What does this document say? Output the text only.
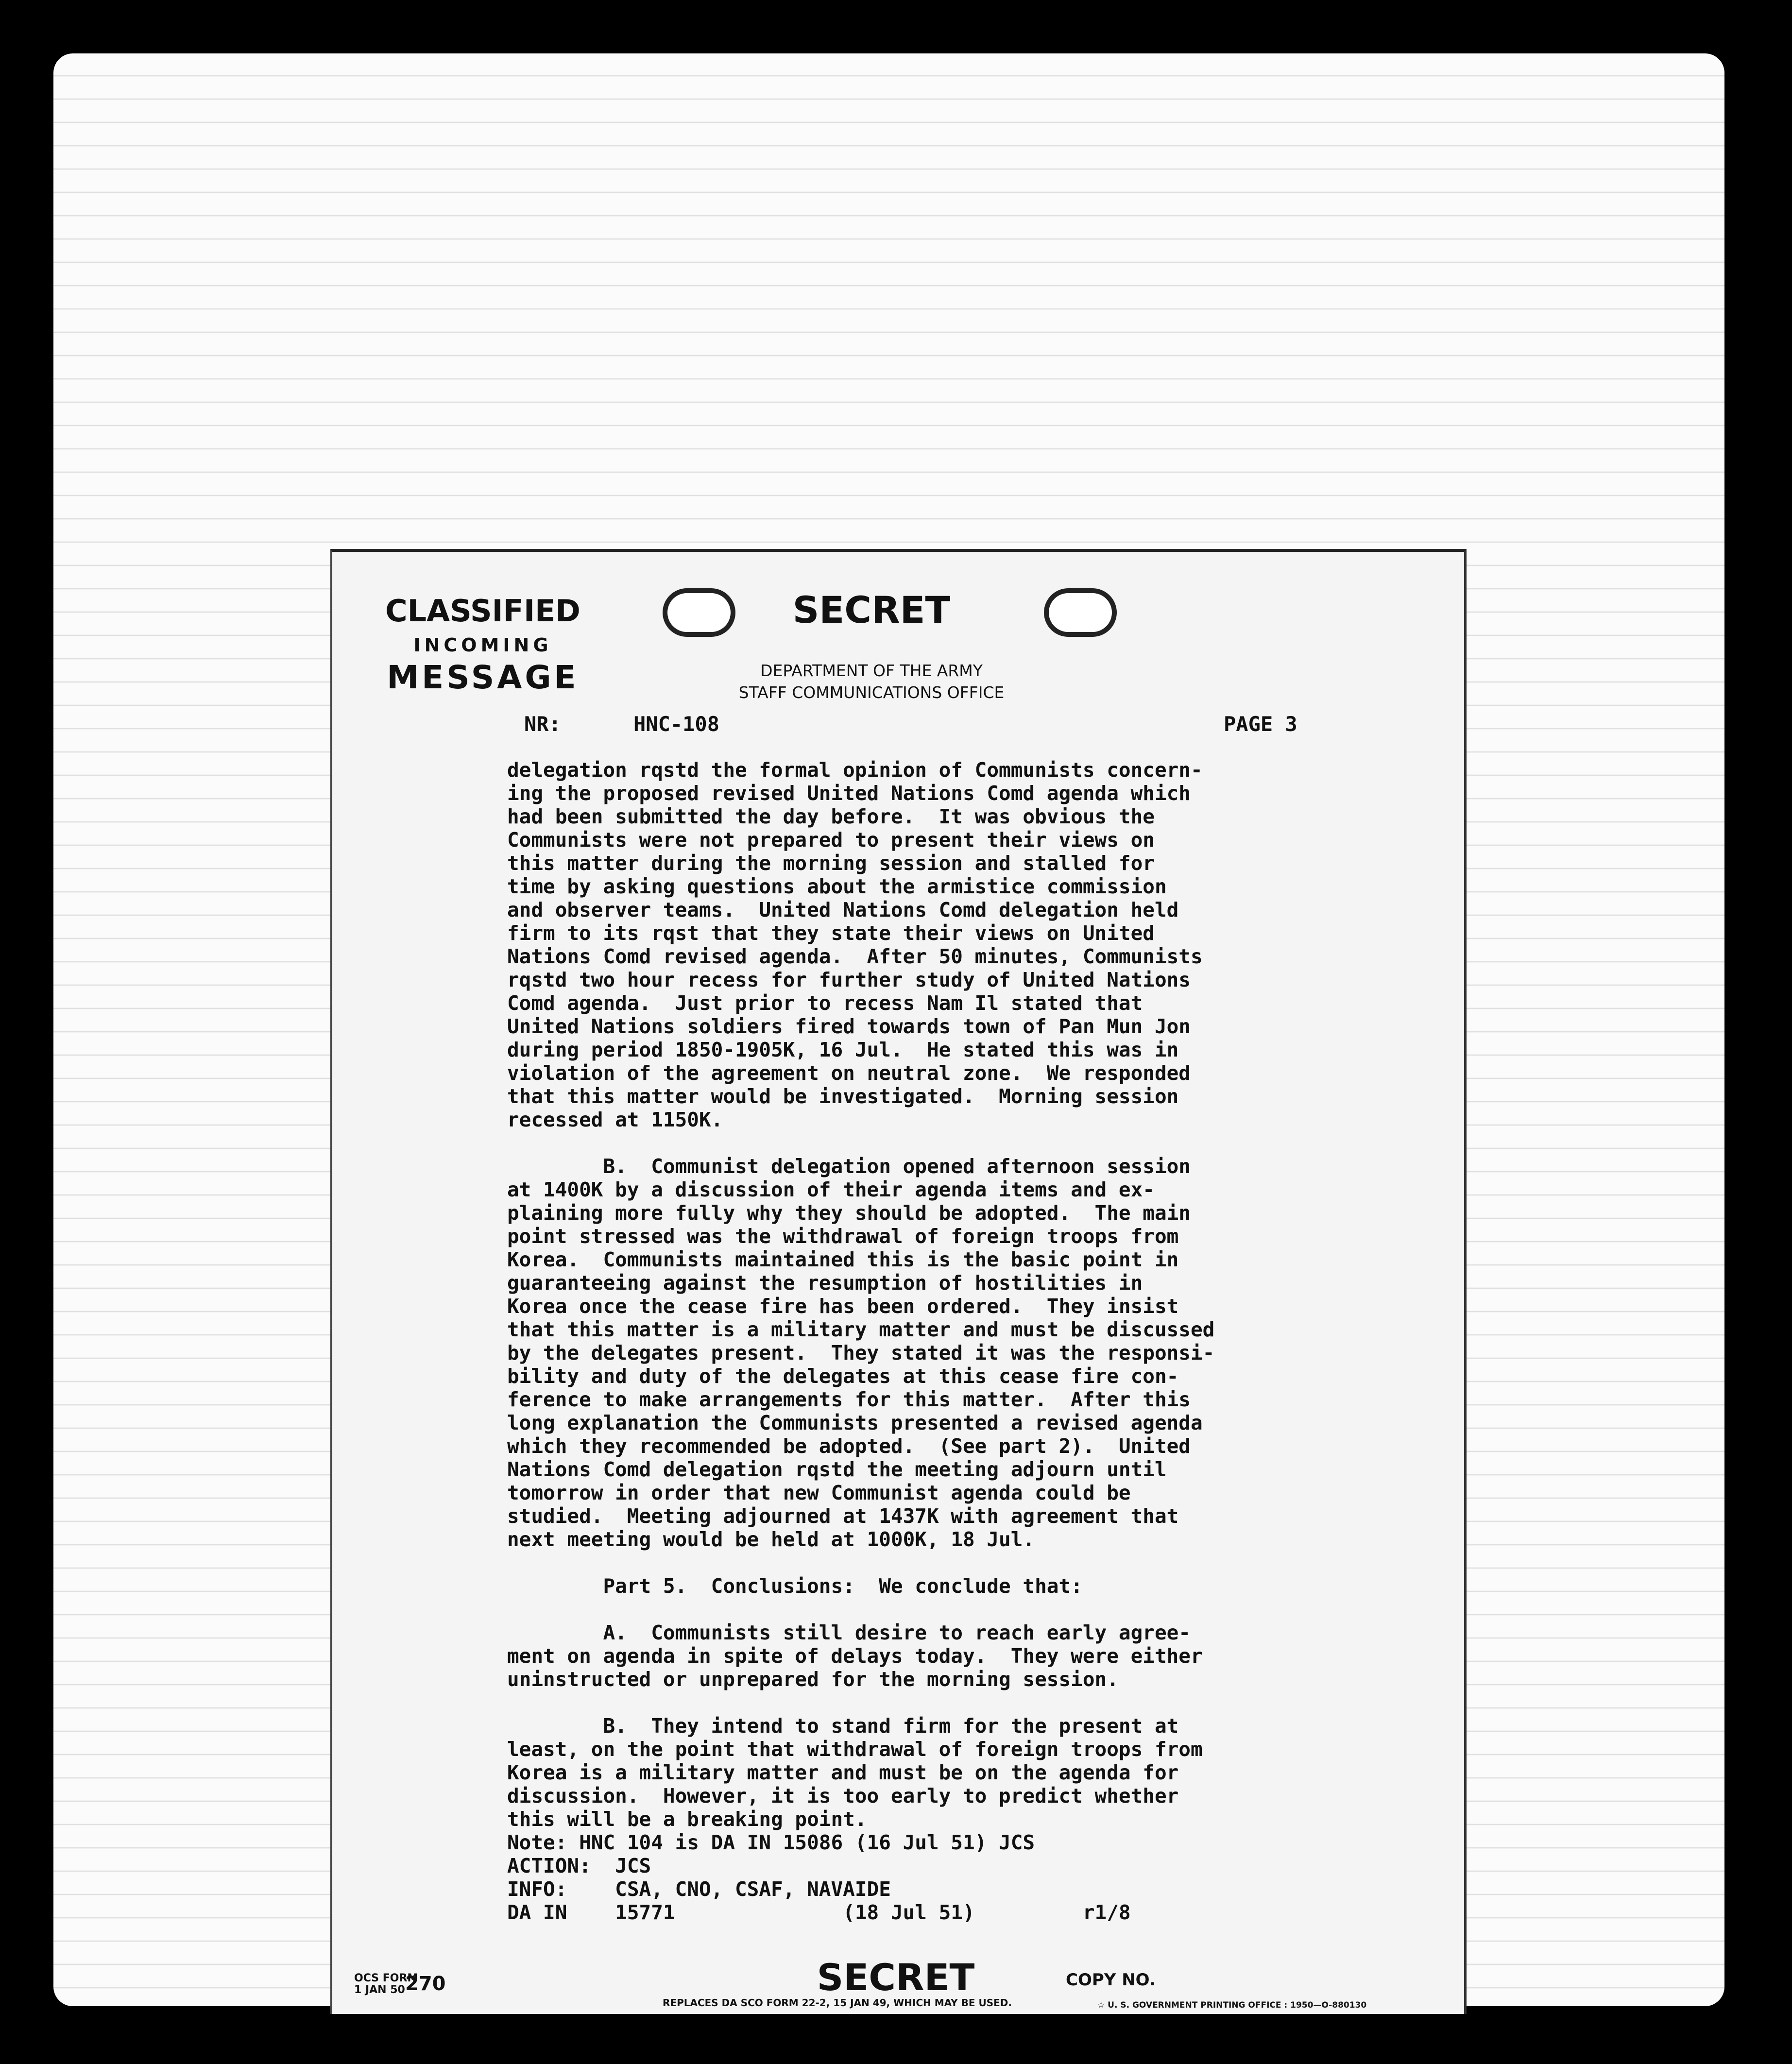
CLASSIFIED
INCOMING
MESSAGE
SECRET
DEPARTMENT OF THE ARMY
STAFF COMMUNICATIONS OFFICE
NR:	HNC-108	PAGE 3
delegation rqstd the formal opinion of Communists concern-
ing the proposed revised United Nations Comd agenda which
had been submitted the day before.  It was obvious the
Communists were not prepared to present their views on
this matter during the morning session and stalled for
time by asking questions about the armistice commission
and observer teams.  United Nations Comd delegation held
firm to its rqst that they state their views on United
Nations Comd revised agenda.  After 50 minutes, Communists
rqstd two hour recess for further study of United Nations
Comd agenda.  Just prior to recess Nam Il stated that
United Nations soldiers fired towards town of Pan Mun Jon
during period 1850-1905K, 16 Jul.  He stated this was in
violation of the agreement on neutral zone.  We responded
that this matter would be investigated.  Morning session
recessed at 1150K.

B.  Communist delegation opened afternoon session
at 1400K by a discussion of their agenda items and ex-
plaining more fully why they should be adopted.  The main
point stressed was the withdrawal of foreign troops from
Korea.  Communists maintained this is the basic point in
guaranteeing against the resumption of hostilities in
Korea once the cease fire has been ordered.  They insist
that this matter is a military matter and must be discussed
by the delegates present.  They stated it was the responsi-
bility and duty of the delegates at this cease fire con-
ference to make arrangements for this matter.  After this
long explanation the Communists presented a revised agenda
which they recommended be adopted.  (See part 2).  United
Nations Comd delegation rqstd the meeting adjourn until
tomorrow in order that new Communist agenda could be
studied.  Meeting adjourned at 1437K with agreement that
next meeting would be held at 1000K, 18 Jul.

Part 5.  Conclusions:  We conclude that:

A.  Communists still desire to reach early agree-
ment on agenda in spite of delays today.  They were either
uninstructed or unprepared for the morning session.

B.  They intend to stand firm for the present at
least, on the point that withdrawal of foreign troops from
Korea is a military matter and must be on the agenda for
discussion.  However, it is too early to predict whether
this will be a breaking point.
Note: HNC 104 is DA IN 15086 (16 Jul 51) JCS
ACTION:  JCS
INFO:    CSA, CNO, CSAF, NAVAIDE
DA IN    15771              (18 Jul 51)         r1/8
OCS FORM
1 JAN 50 270	SECRET	COPY NO.
REPLACES DA SCO FORM 22-2, 15 JAN 49, WHICH MAY BE USED.	☆ U. S. GOVERNMENT PRINTING OFFICE : 1950—O-880130
